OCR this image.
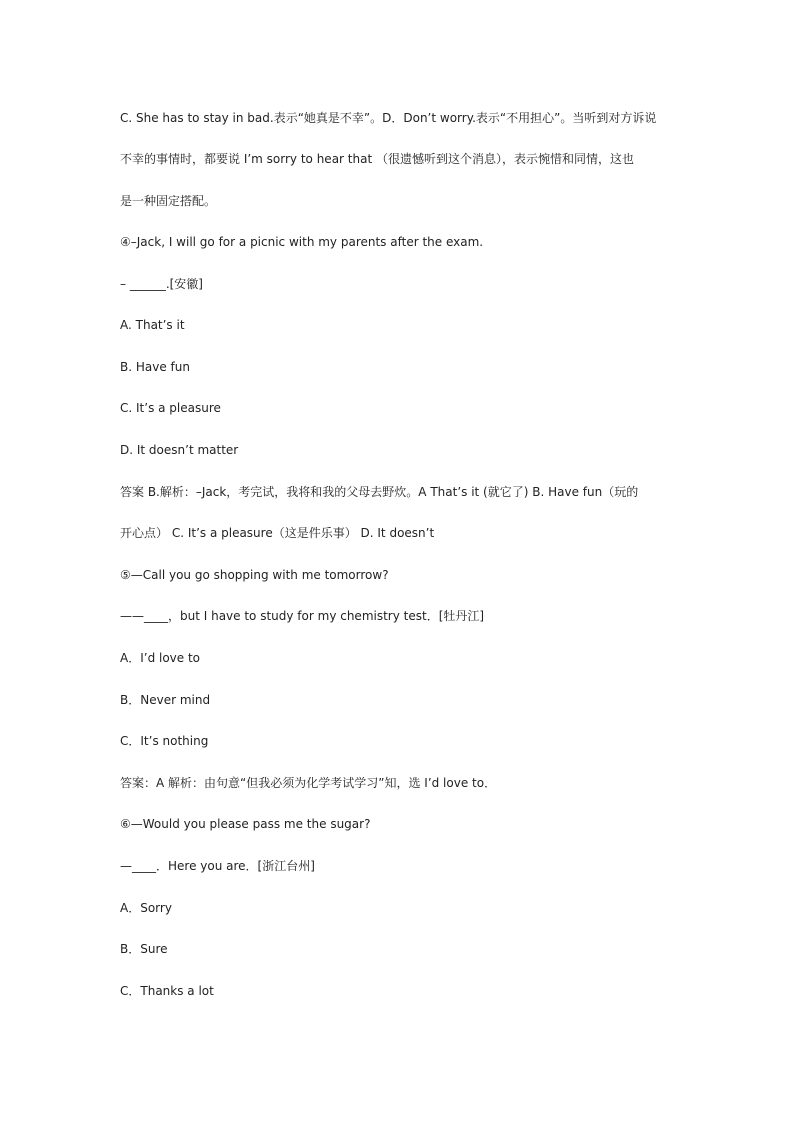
C. She has to stay in bad.表示“她真是不幸”。D．Don’t worry.表示“不用担心”。当听到对方诉说
不幸的事情时，都要说 I’m sorry to hear that （很遗憾听到这个消息），表示惋惜和同情，这也
是一种固定搭配。
④–Jack, I will go for a picnic with my parents after the exam.
– ______.[安徽]
A. That’s it
B. Have fun
C. It’s a pleasure
D. It doesn’t matter
答案 B.解析：–Jack，考完试，我将和我的父母去野炊。A That’s it (就它了) B. Have fun（玩的
开心点） C. It’s a pleasure（这是件乐事） D. It doesn’t
⑤—Call you go shopping with me tomorrow?
——____，but I have to study for my chemistry test．[牡丹江]
A．I’d love to
B．Never mind
C．It’s nothing
答案：A 解析：由句意“但我必须为化学考试学习”知，选 I’d love to．
⑥—Would you please pass me the sugar?
—____．Here you are．[浙江台州]
A．Sorry
B．Sure
C．Thanks a lot
